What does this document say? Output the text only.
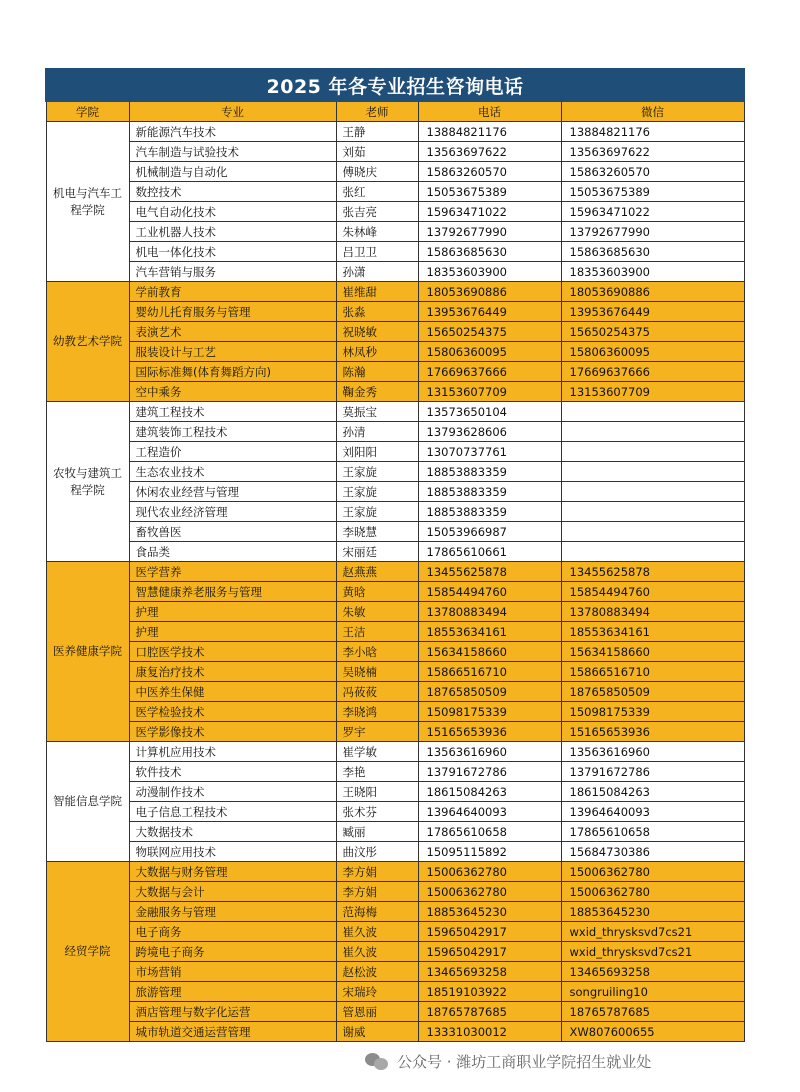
2025 年各专业招生咨询电话				
学院	专业	老师	电话	微信
机电与汽车工程学院	新能源汽车技术	王静	13884821176	13884821176
	汽车制造与试验技术	刘茹	13563697622	13563697622
	机械制造与自动化	傅晓庆	15863260570	15863260570
	数控技术	张红	15053675389	15053675389
	电气自动化技术	张吉亮	15963471022	15963471022
	工业机器人技术	朱林峰	13792677990	13792677990
	机电一体化技术	吕卫卫	15863685630	15863685630
	汽车营销与服务	孙潇	18353603900	18353603900
幼教艺术学院	学前教育	崔维甜	18053690886	18053690886
	婴幼儿托育服务与管理	张淼	13953676449	13953676449
	表演艺术	祝晓敏	15650254375	15650254375
	服装设计与工艺	林凤秒	15806360095	15806360095
	国际标准舞(体育舞蹈方向)	陈瀚	17669637666	17669637666
	空中乘务	鞠金秀	13153607709	13153607709
农牧与建筑工程学院	建筑工程技术	莫振宝	13573650104	
	建筑装饰工程技术	孙清	13793628606	
	工程造价	刘阳阳	13070737761	
	生态农业技术	王家旋	18853883359	
	休闲农业经营与管理	王家旋	18853883359	
	现代农业经济管理	王家旋	18853883359	
	畜牧兽医	李晓慧	15053966987	
	食品类	宋丽廷	17865610661	
医养健康学院	医学营养	赵燕燕	13455625878	13455625878
	智慧健康养老服务与管理	黄晗	15854494760	15854494760
	护理	朱敏	13780883494	13780883494
	护理	王洁	18553634161	18553634161
	口腔医学技术	李小晗	15634158660	15634158660
	康复治疗技术	吴晓楠	15866516710	15866516710
	中医养生保健	冯莜莜	18765850509	18765850509
	医学检验技术	李晓鸿	15098175339	15098175339
	医学影像技术	罗宇	15165653936	15165653936
智能信息学院	计算机应用技术	崔学敏	13563616960	13563616960
	软件技术	李艳	13791672786	13791672786
	动漫制作技术	王晓阳	18615084263	18615084263
	电子信息工程技术	张术芬	13964640093	13964640093
	大数据技术	臧丽	17865610658	17865610658
	物联网应用技术	曲汶彤	15095115892	15684730386
经贸学院	大数据与财务管理	李方娟	15006362780	15006362780
	大数据与会计	李方娟	15006362780	15006362780
	金融服务与管理	范海梅	18853645230	18853645230
	电子商务	崔久波	15965042917	wxid_thrysksvd7cs21
	跨境电子商务	崔久波	15965042917	wxid_thrysksvd7cs21
	市场营销	赵松波	13465693258	13465693258
	旅游管理	宋瑞玲	18519103922	songruiling10
	酒店管理与数字化运营	管恩丽	18765787685	18765787685
	城市轨道交通运营管理	谢威	13331030012	XW807600655
公众号 · 潍坊工商职业学院招生就业处
